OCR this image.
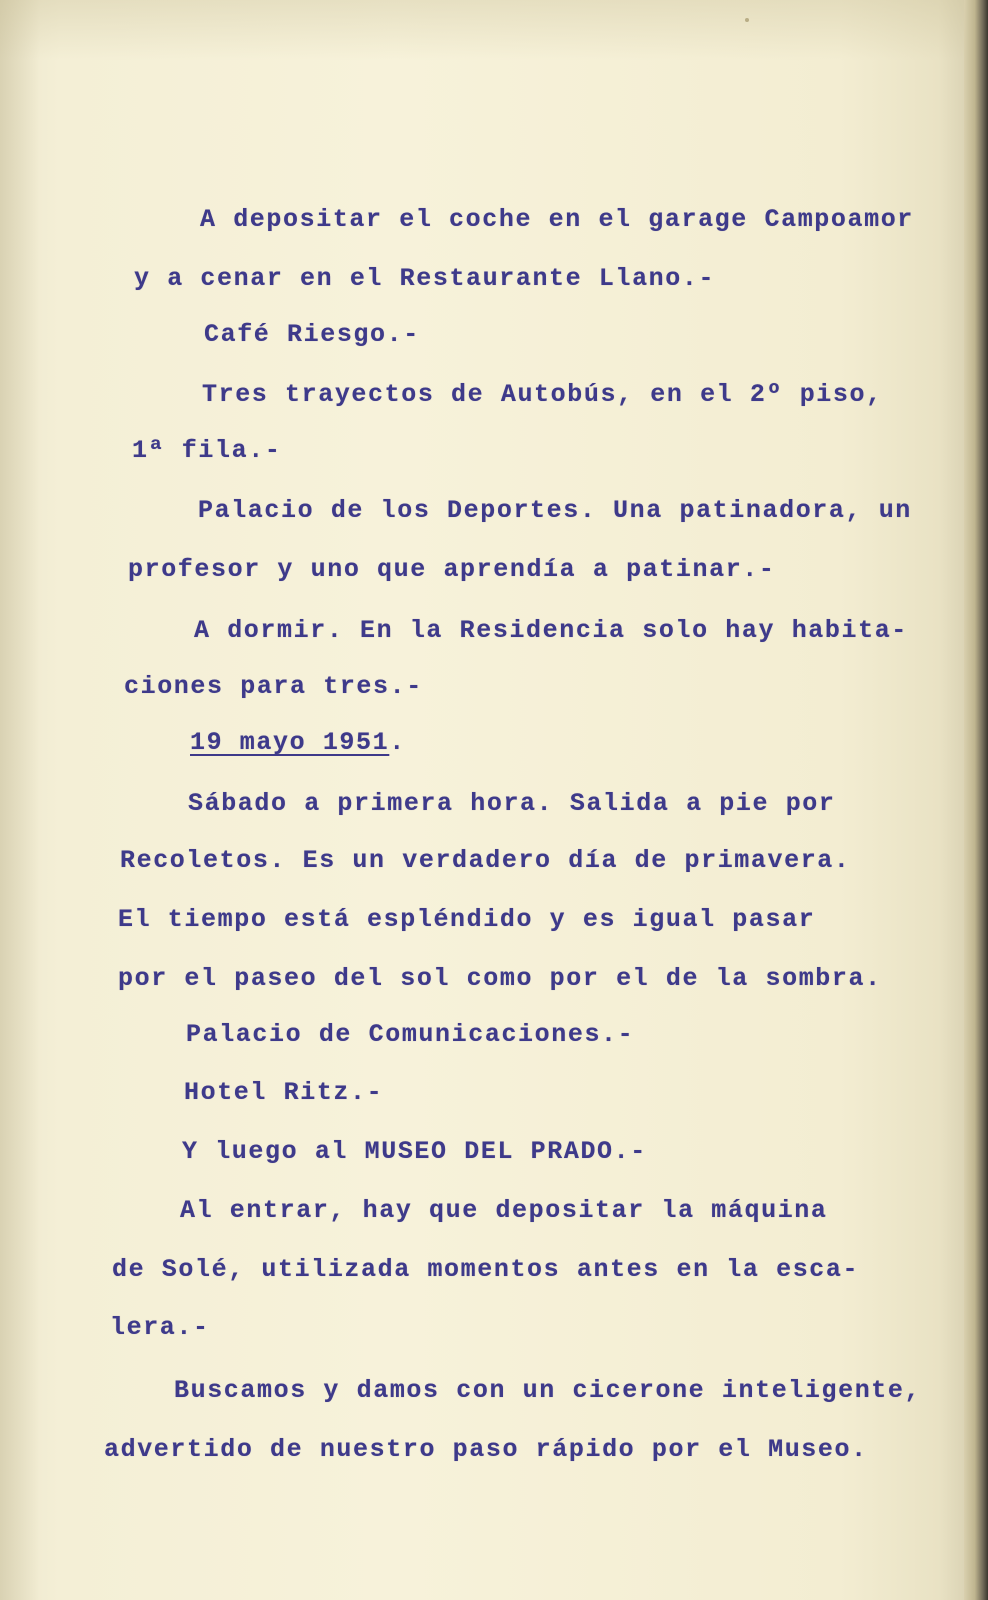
A depositar el coche en el garage Campoamor
y a cenar en el Restaurante Llano.-
Café Riesgo.-
Tres trayectos de Autobús, en el 2º piso,
1ª fila.-
Palacio de los Deportes. Una patinadora, un
profesor y uno que aprendía a patinar.-
A dormir. En la Residencia solo hay habita-
ciones para tres.-
19 mayo 1951.
Sábado a primera hora. Salida a pie por
Recoletos. Es un verdadero día de primavera.
El tiempo está espléndido y es igual pasar
por el paseo del sol como por el de la sombra.
Palacio de Comunicaciones.-
Hotel Ritz.-
Y luego al MUSEO DEL PRADO.-
Al entrar, hay que depositar la máquina
de Solé, utilizada momentos antes en la esca-
lera.-
Buscamos y damos con un cicerone inteligente,
advertido de nuestro paso rápido por el Museo.
